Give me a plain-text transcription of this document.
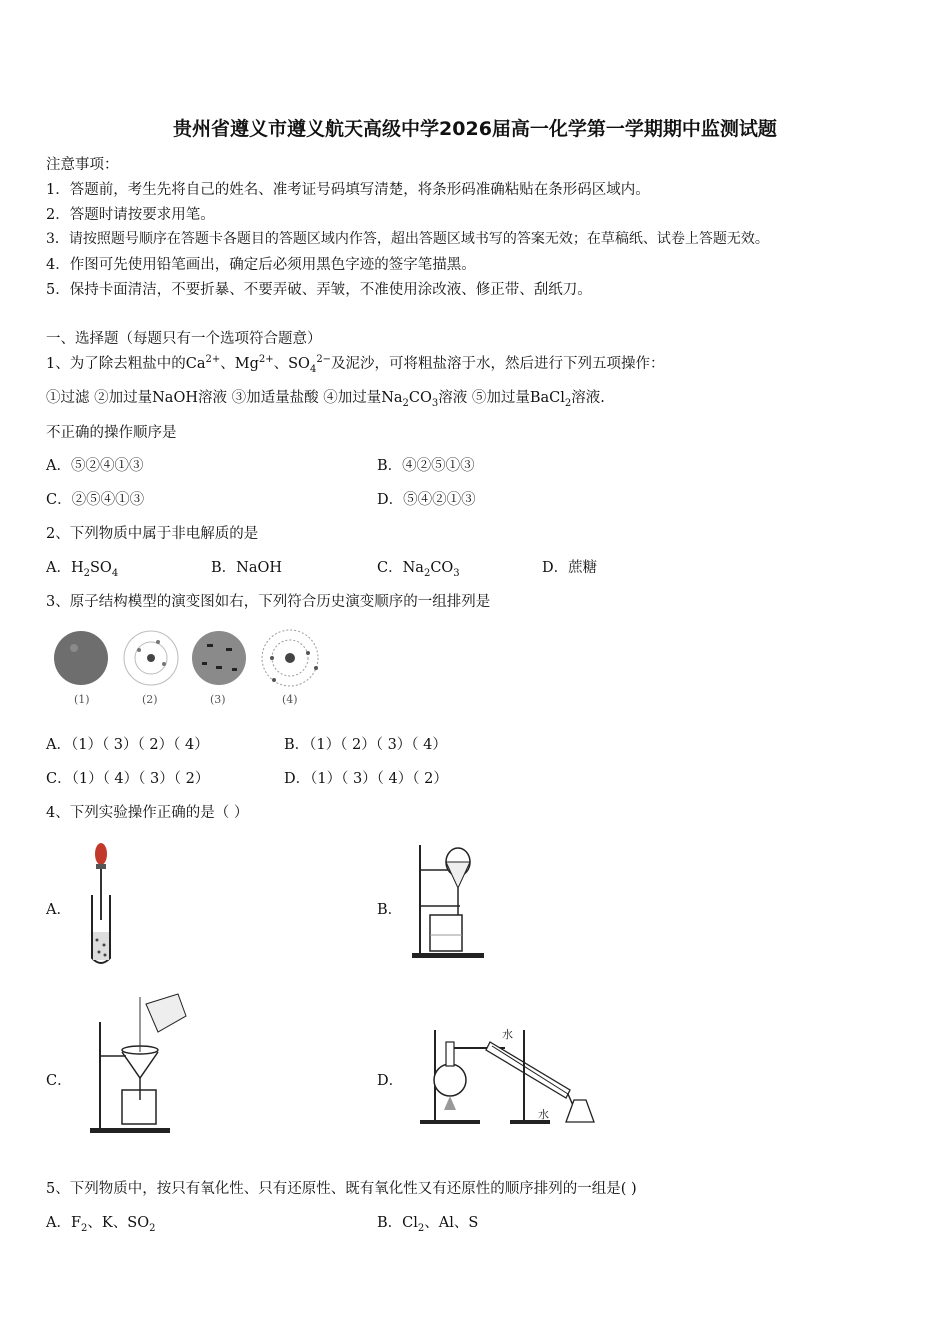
贵州省遵义市遵义航天高级中学2026届高一化学第一学期期中监测试题
注意事项：
1．答题前，考生先将自己的姓名、准考证号码填写清楚，将条形码准确粘贴在条形码区域内。
2．答题时请按要求用笔。
3．请按照题号顺序在答题卡各题目的答题区域内作答，超出答题区域书写的答案无效；在草稿纸、试卷上答题无效。
4．作图可先使用铅笔画出，确定后必须用黑色字迹的签字笔描黑。
5．保持卡面清洁，不要折暴、不要弄破、弄皱，不准使用涂改液、修正带、刮纸刀。
一、选择题（每题只有一个选项符合题意）
1、为了除去粗盐中的$Ca^{2+}$、$Mg^{2+}$、$SO_4^{2-}$及泥沙，可将粗盐溶于水，然后进行下列五项操作：
①过滤 ②加过量NaOH溶液 ③加适量盐酸 ④加过量$Na_2CO_3$溶液 ⑤加过量BaCl$_2$溶液.
不正确的操作顺序是
A．⑤②④①③	B．④②⑤①③
C．②⑤④①③	D．⑤④②①③
2、下列物质中属于非电解质的是
A．$H_2SO_4$	B．NaOH	C．$Na_2CO_3$	D．蔗糖
3、原子结构模型的演变图如右，下列符合历史演变顺序的一组排列是
(1)	(2)	(3)	(4)
A．（1）（ 3）（ 2）（ 4）	B．（1）（ 2）（ 3）（ 4）
C．（1）（ 4）（ 3）（ 2）	D．（1）（ 3）（ 4）（ 2）
4、下列实验操作正确的是（ ）
A．	B．
C．	D．
水
水
5、下列物质中，按只有氧化性、只有还原性、既有氧化性又有还原性的顺序排列的一组是( )
A．$F_2$、K、$SO_2$	B．$Cl_2$、Al、S
